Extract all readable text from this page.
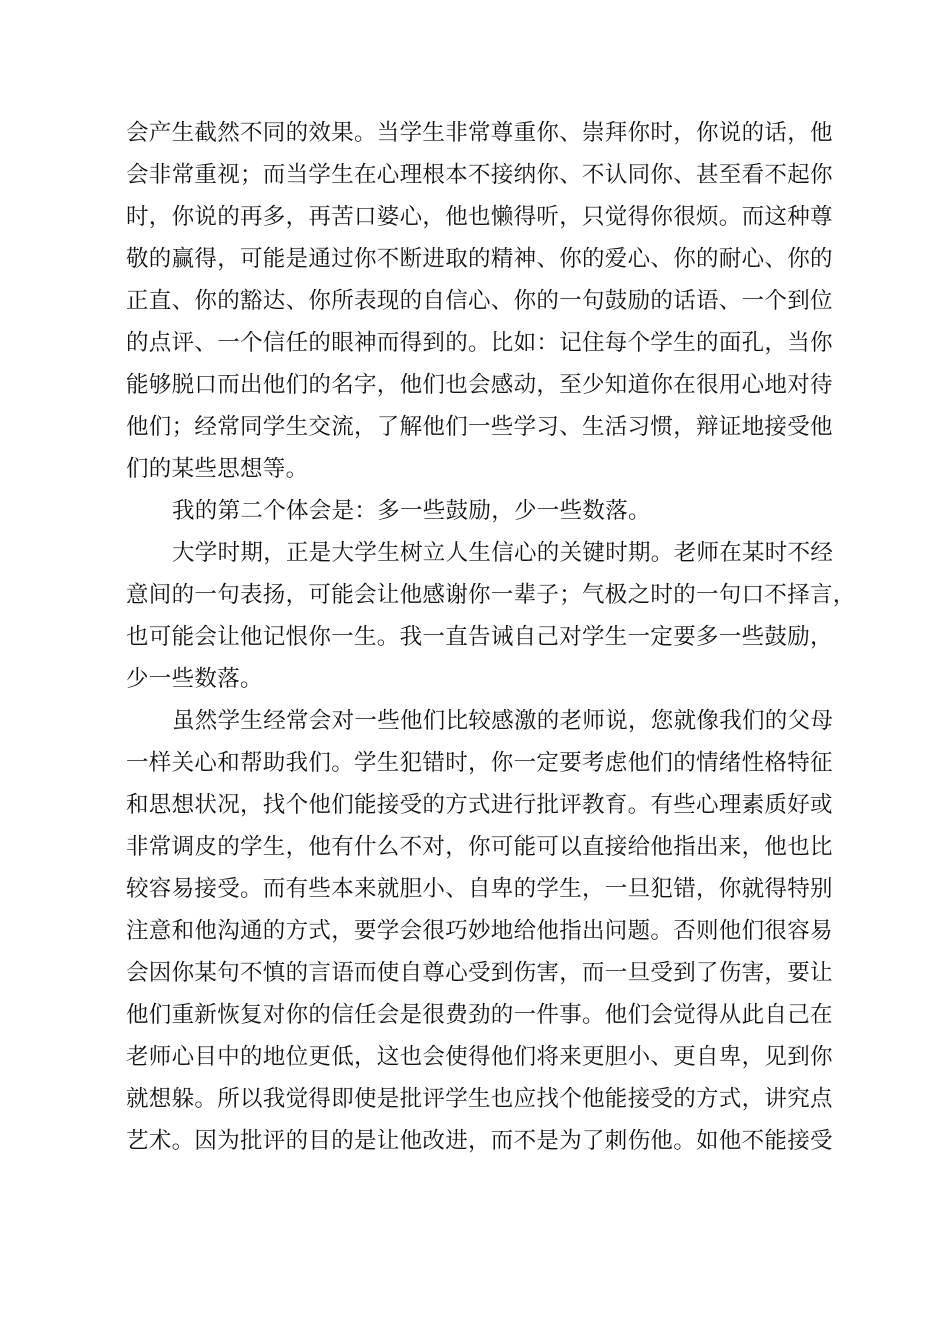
会产生截然不同的效果。当学生非常尊重你、崇拜你时，你说的话，他
会非常重视；而当学生在心理根本不接纳你、不认同你、甚至看不起你
时，你说的再多，再苦口婆心，他也懒得听，只觉得你很烦。而这种尊
敬的赢得，可能是通过你不断进取的精神、你的爱心、你的耐心、你的
正直、你的豁达、你所表现的自信心、你的一句鼓励的话语、一个到位
的点评、一个信任的眼神而得到的。比如：记住每个学生的面孔，当你
能够脱口而出他们的名字，他们也会感动，至少知道你在很用心地对待
他们；经常同学生交流，了解他们一些学习、生活习惯，辩证地接受他
们的某些思想等。
我的第二个体会是：多一些鼓励，少一些数落。
大学时期，正是大学生树立人生信心的关键时期。老师在某时不经
意间的一句表扬，可能会让他感谢你一辈子；气极之时的一句口不择言，
也可能会让他记恨你一生。我一直告诫自己对学生一定要多一些鼓励，
少一些数落。
虽然学生经常会对一些他们比较感激的老师说，您就像我们的父母
一样关心和帮助我们。学生犯错时，你一定要考虑他们的情绪性格特征
和思想状况，找个他们能接受的方式进行批评教育。有些心理素质好或
非常调皮的学生，他有什么不对，你可能可以直接给他指出来，他也比
较容易接受。而有些本来就胆小、自卑的学生，一旦犯错，你就得特别
注意和他沟通的方式，要学会很巧妙地给他指出问题。否则他们很容易
会因你某句不慎的言语而使自尊心受到伤害，而一旦受到了伤害，要让
他们重新恢复对你的信任会是很费劲的一件事。他们会觉得从此自己在
老师心目中的地位更低，这也会使得他们将来更胆小、更自卑，见到你
就想躲。所以我觉得即使是批评学生也应找个他能接受的方式，讲究点
艺术。因为批评的目的是让他改进，而不是为了刺伤他。如他不能接受
